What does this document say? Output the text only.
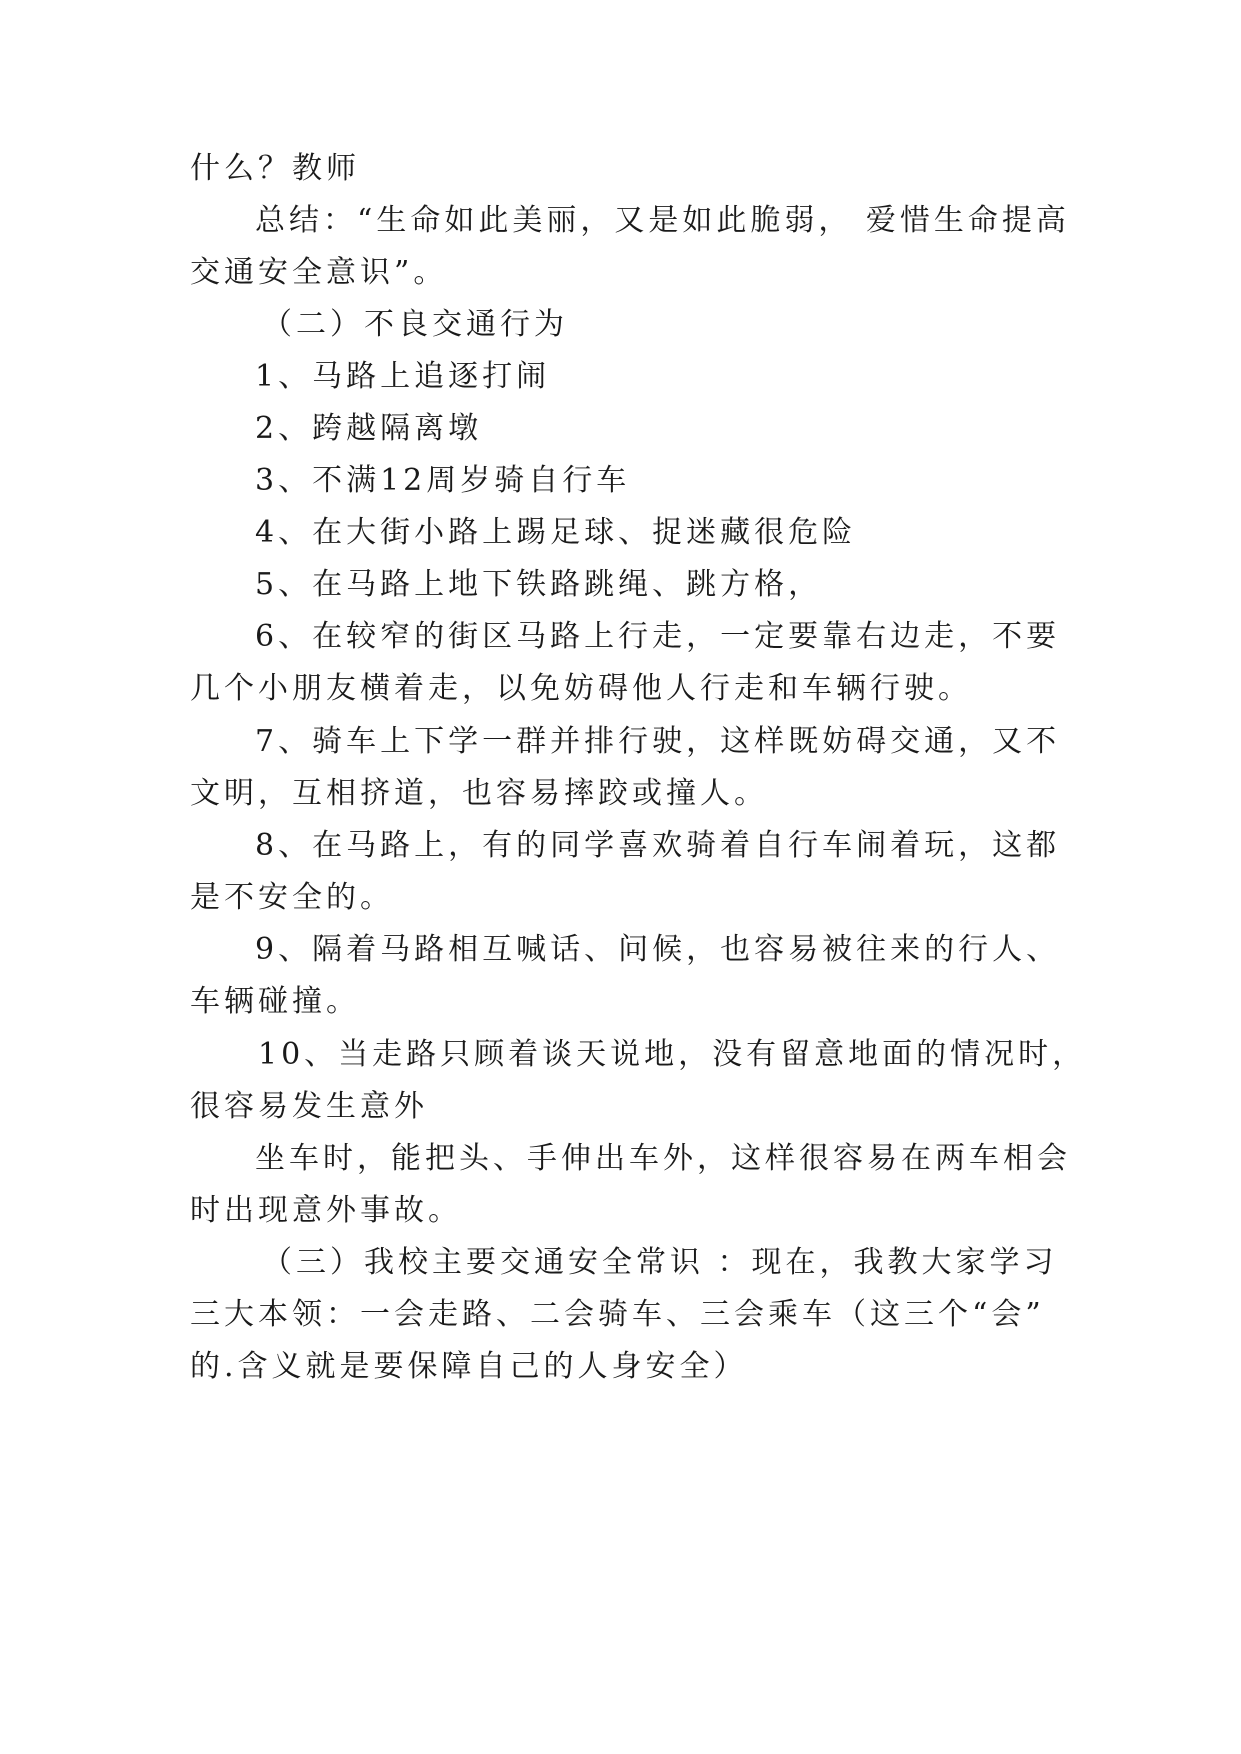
什么？教师
总结：“生命如此美丽，又是如此脆弱， 爱惜生命提高
交通安全意识”。
（二）不良交通行为
1、马路上追逐打闹
2、跨越隔离墩
3、不满12周岁骑自行车
4、在大街小路上踢足球、捉迷藏很危险
5、在马路上地下铁路跳绳、跳方格，
6、在较窄的街区马路上行走，一定要靠右边走，不要
几个小朋友横着走，以免妨碍他人行走和车辆行驶。
7、骑车上下学一群并排行驶，这样既妨碍交通，又不
文明，互相挤道，也容易摔跤或撞人。
8、在马路上，有的同学喜欢骑着自行车闹着玩，这都
是不安全的。
9、隔着马路相互喊话、问候，也容易被往来的行人、
车辆碰撞。
10、当走路只顾着谈天说地，没有留意地面的情况时，
很容易发生意外
坐车时，能把头、手伸出车外，这样很容易在两车相会
时出现意外事故。
（三）我校主要交通安全常识 ：现在，我教大家学习
三大本领：一会走路、二会骑车、三会乘车（这三个“会”
的.含义就是要保障自己的人身安全）
